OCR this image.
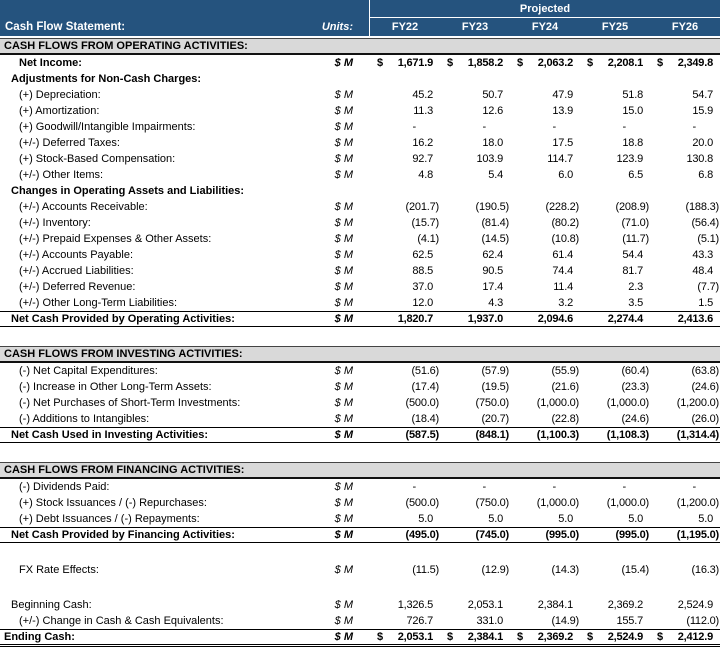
Cash Flow Statement:	Units:
Projected
FY22	FY23	FY24	FY25	FY26
CASH FLOWS FROM OPERATING ACTIVITIES:
Net Income:	$ M	$ 1,671.9	$ 1,858.2	$ 2,063.2	$ 2,208.1	$ 2,349.8
Adjustments for Non-Cash Charges:
(+) Depreciation:	$ M	45.2	50.7	47.9	51.8	54.7
(+) Amortization:	$ M	11.3	12.6	13.9	15.0	15.9
(+) Goodwill/Intangible Impairments:	$ M	-	-	-	-	-
(+/-) Deferred Taxes:	$ M	16.2	18.0	17.5	18.8	20.0
(+) Stock-Based Compensation:	$ M	92.7	103.9	114.7	123.9	130.8
(+/-) Other Items:	$ M	4.8	5.4	6.0	6.5	6.8
Changes in Operating Assets and Liabilities:
(+/-) Accounts Receivable:	$ M	(201.7)	(190.5)	(228.2)	(208.9)	(188.3)
(+/-) Inventory:	$ M	(15.7)	(81.4)	(80.2)	(71.0)	(56.4)
(+/-) Prepaid Expenses & Other Assets:	$ M	(4.1)	(14.5)	(10.8)	(11.7)	(5.1)
(+/-) Accounts Payable:	$ M	62.5	62.4	61.4	54.4	43.3
(+/-) Accrued Liabilities:	$ M	88.5	90.5	74.4	81.7	48.4
(+/-) Deferred Revenue:	$ M	37.0	17.4	11.4	2.3	(7.7)
(+/-) Other Long-Term Liabilities:	$ M	12.0	4.3	3.2	3.5	1.5
Net Cash Provided by Operating Activities:	$ M	1,820.7	1,937.0	2,094.6	2,274.4	2,413.6
CASH FLOWS FROM INVESTING ACTIVITIES:
(-) Net Capital Expenditures:	$ M	(51.6)	(57.9)	(55.9)	(60.4)	(63.8)
(-) Increase in Other Long-Term Assets:	$ M	(17.4)	(19.5)	(21.6)	(23.3)	(24.6)
(-) Net Purchases of Short-Term Investments:	$ M	(500.0)	(750.0)	(1,000.0)	(1,000.0)	(1,200.0)
(-) Additions to Intangibles:	$ M	(18.4)	(20.7)	(22.8)	(24.6)	(26.0)
Net Cash Used in Investing Activities:	$ M	(587.5)	(848.1)	(1,100.3)	(1,108.3)	(1,314.4)
CASH FLOWS FROM FINANCING ACTIVITIES:
(-) Dividends Paid:	$ M	-	-	-	-	-
(+) Stock Issuances / (-) Repurchases:	$ M	(500.0)	(750.0)	(1,000.0)	(1,000.0)	(1,200.0)
(+) Debt Issuances / (-) Repayments:	$ M	5.0	5.0	5.0	5.0	5.0
Net Cash Provided by Financing Activities:	$ M	(495.0)	(745.0)	(995.0)	(995.0)	(1,195.0)
FX Rate Effects:	$ M	(11.5)	(12.9)	(14.3)	(15.4)	(16.3)
Beginning Cash:	$ M	1,326.5	2,053.1	2,384.1	2,369.2	2,524.9
(+/-) Change in Cash & Cash Equivalents:	$ M	726.7	331.0	(14.9)	155.7	(112.0)
Ending Cash:	$ M	$ 2,053.1	$ 2,384.1	$ 2,369.2	$ 2,524.9	$ 2,412.9
